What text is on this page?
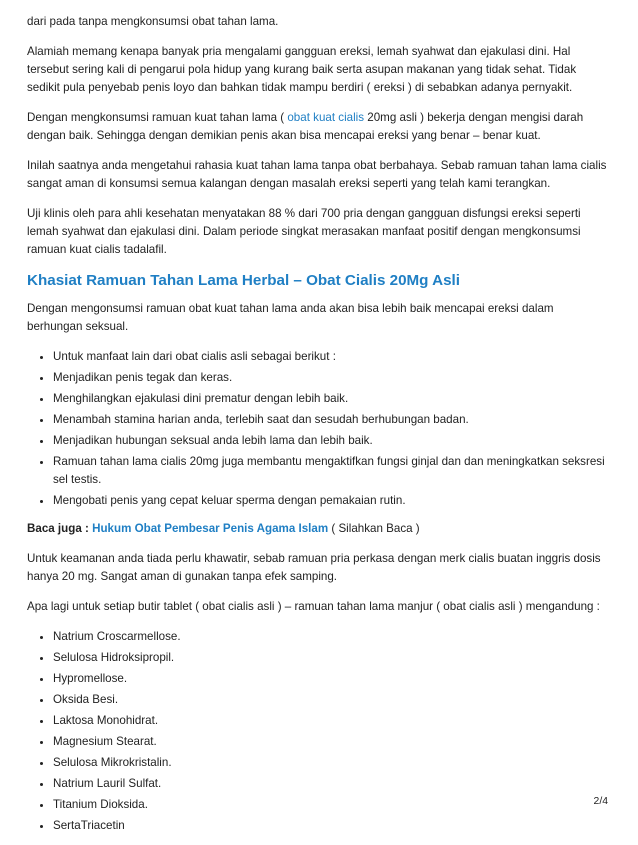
dari pada tanpa mengkonsumsi obat tahan lama.

Alamiah memang kenapa banyak pria mengalami gangguan ereksi, lemah syahwat dan ejakulasi dini. Hal tersebut sering kali di pengarui pola hidup yang kurang baik serta asupan makanan yang tidak sehat. Tidak sedikit pula penyebab penis loyo dan bahkan tidak mampu berdiri ( ereksi ) di sebabkan adanya pernyakit.

Dengan mengkonsumsi ramuan kuat tahan lama ( obat kuat cialis 20mg asli ) bekerja dengan mengisi darah dengan baik. Sehingga dengan demikian penis akan bisa mencapai ereksi yang benar – benar kuat.

Inilah saatnya anda mengetahui rahasia kuat tahan lama tanpa obat berbahaya. Sebab ramuan tahan lama cialis sangat aman di konsumsi semua kalangan dengan masalah ereksi seperti yang telah kami terangkan.

Uji klinis oleh para ahli kesehatan menyatakan 88 % dari 700 pria dengan gangguan disfungsi ereksi seperti lemah syahwat dan ejakulasi dini. Dalam periode singkat merasakan manfaat positif dengan mengkonsumsi ramuan kuat cialis tadalafil.

Khasiat Ramuan Tahan Lama Herbal – Obat Cialis 20Mg Asli

Dengan mengonsumsi ramuan obat kuat tahan lama anda akan bisa lebih baik mencapai ereksi dalam berhungan seksual.

• Untuk manfaat lain dari obat cialis asli sebagai berikut :
• Menjadikan penis tegak dan keras.
• Menghilangkan ejakulasi dini prematur dengan lebih baik.
• Menambah stamina harian anda, terlebih saat dan sesudah berhubungan badan.
• Menjadikan hubungan seksual anda lebih lama dan lebih baik.
• Ramuan tahan lama cialis 20mg juga membantu mengaktifkan fungsi ginjal dan dan meningkatkan seksresi sel testis.
• Mengobati penis yang cepat keluar sperma dengan pemakaian rutin.

Baca juga : Hukum Obat Pembesar Penis Agama Islam ( Silahkan Baca )

Untuk keamanan anda tiada perlu khawatir, sebab ramuan pria perkasa dengan merk cialis buatan inggris dosis hanya 20 mg. Sangat aman di gunakan tanpa efek samping.

Apa lagi untuk setiap butir tablet ( obat cialis asli ) – ramuan tahan lama manjur ( obat cialis asli ) mengandung :

• Natrium Croscarmellose.
• Selulosa Hidroksipropil.
• Hypromellose.
• Oksida Besi.
• Laktosa Monohidrat.
• Magnesium Stearat.
• Selulosa Mikrokristalin.
• Natrium Lauril Sulfat.
• Titanium Dioksida.
• SertaTriacetin
2/4
